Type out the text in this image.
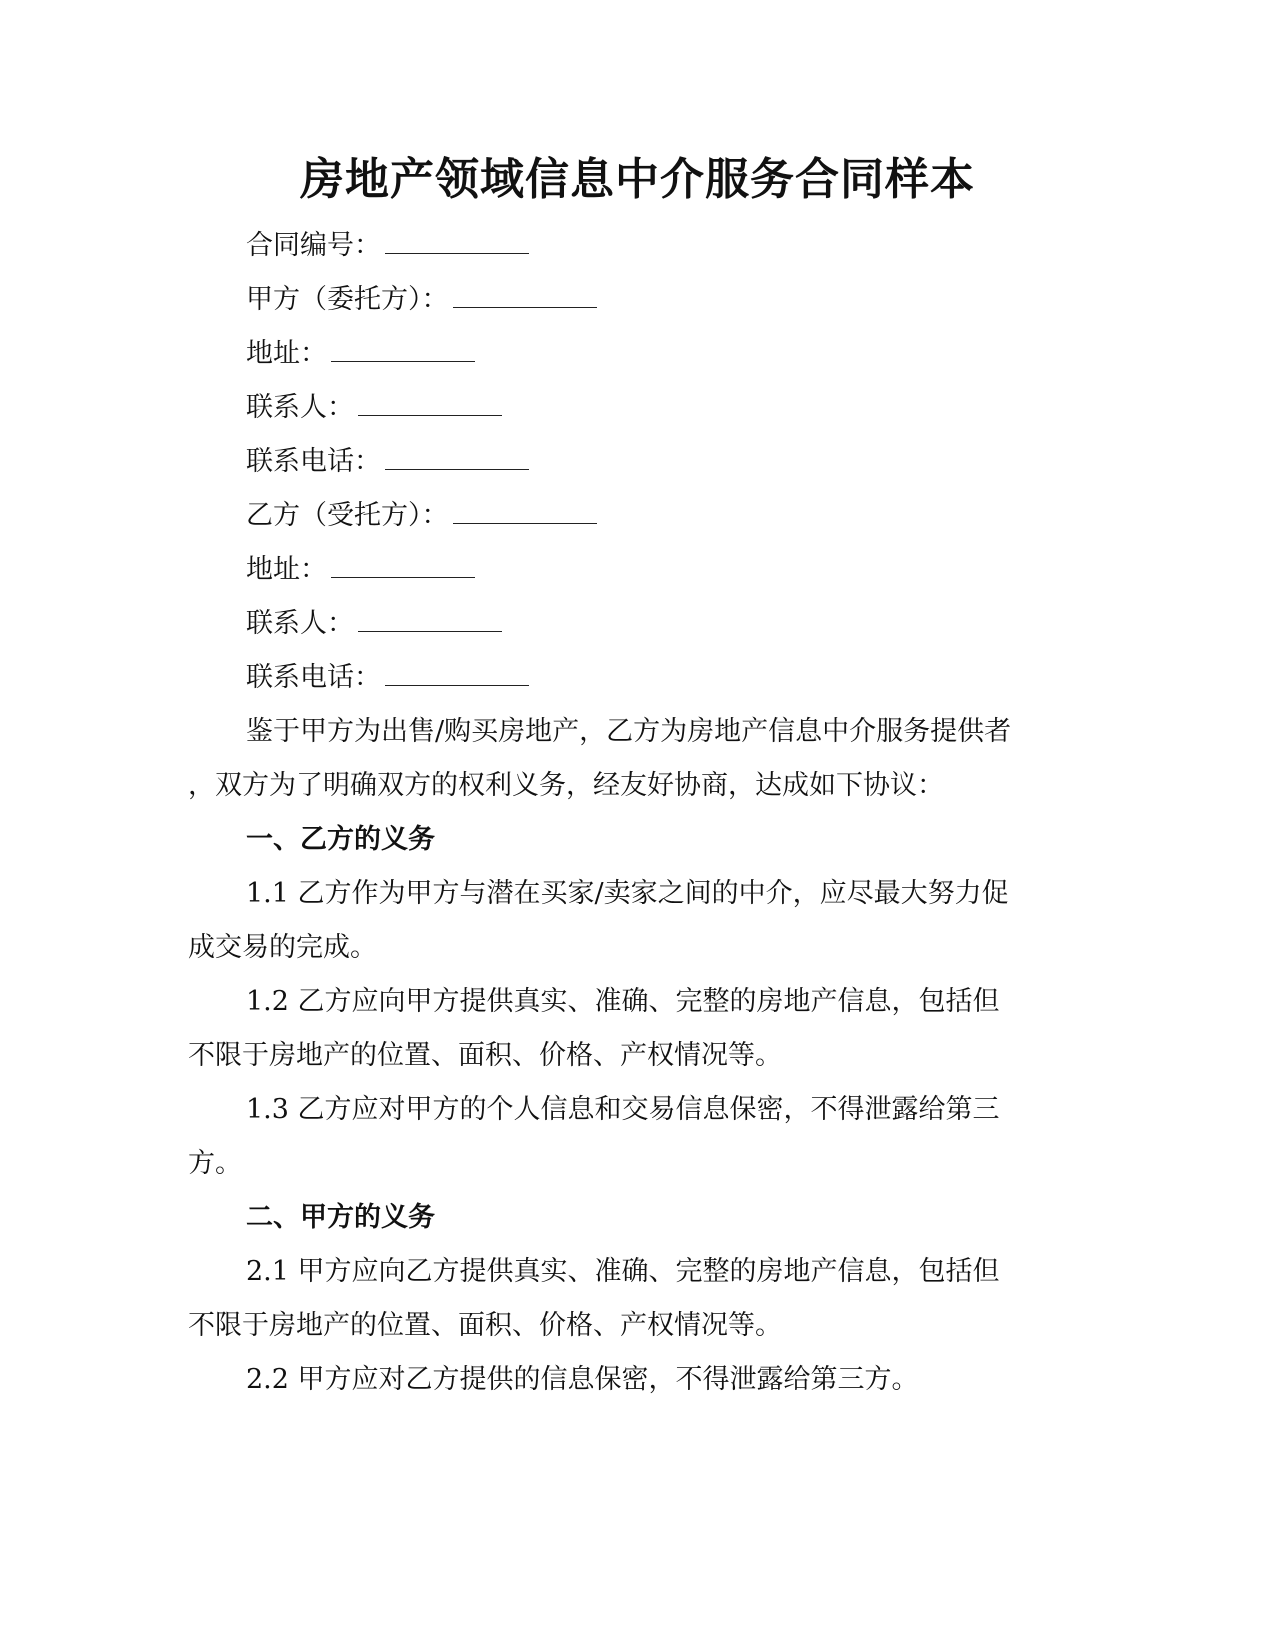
房地产领域信息中介服务合同样本
合同编号：
甲方（委托方）：
地址：
联系人：
联系电话：
乙方（受托方）：
地址：
联系人：
联系电话：
鉴于甲方为出售/购买房地产，乙方为房地产信息中介服务提供者
，双方为了明确双方的权利义务，经友好协商，达成如下协议：
一、乙方的义务
1.1 乙方作为甲方与潜在买家/卖家之间的中介，应尽最大努力促
成交易的完成。
1.2 乙方应向甲方提供真实、准确、完整的房地产信息，包括但
不限于房地产的位置、面积、价格、产权情况等。
1.3 乙方应对甲方的个人信息和交易信息保密，不得泄露给第三
方。
二、甲方的义务
2.1 甲方应向乙方提供真实、准确、完整的房地产信息，包括但
不限于房地产的位置、面积、价格、产权情况等。
2.2 甲方应对乙方提供的信息保密，不得泄露给第三方。
